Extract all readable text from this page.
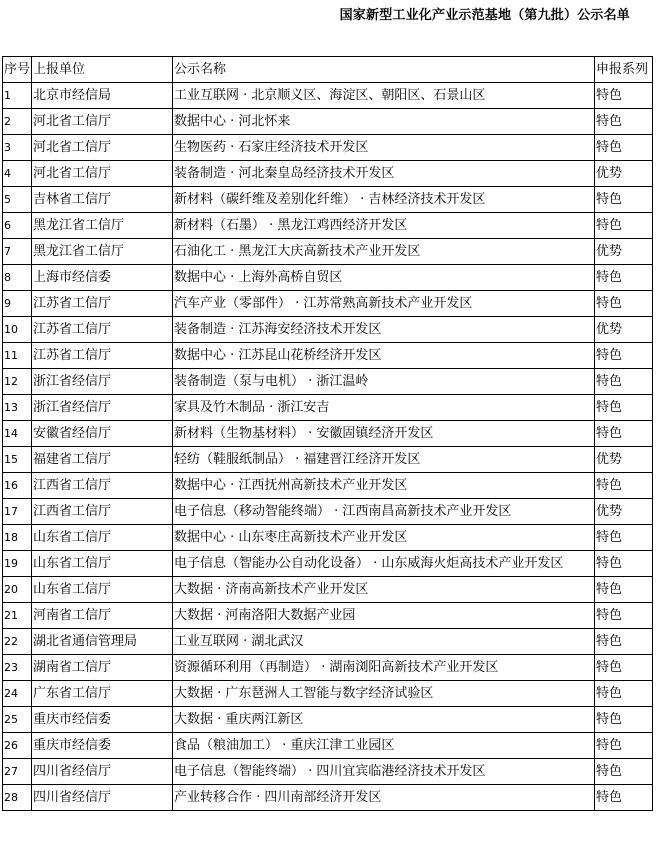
国家新型工业化产业示范基地（第九批）公示名单
序号	上报单位	公示名称	申报系列
1	北京市经信局	工业互联网 · 北京顺义区、海淀区、朝阳区、石景山区	特色
2	河北省工信厅	数据中心 · 河北怀来	特色
3	河北省工信厅	生物医药 · 石家庄经济技术开发区	特色
4	河北省工信厅	装备制造 · 河北秦皇岛经济技术开发区	优势
5	吉林省工信厅	新材料（碳纤维及差别化纤维） · 吉林经济技术开发区	特色
6	黑龙江省工信厅	新材料（石墨） · 黑龙江鸡西经济开发区	特色
7	黑龙江省工信厅	石油化工 · 黑龙江大庆高新技术产业开发区	优势
8	上海市经信委	数据中心 · 上海外高桥自贸区	特色
9	江苏省工信厅	汽车产业（零部件） · 江苏常熟高新技术产业开发区	特色
10	江苏省工信厅	装备制造 · 江苏海安经济技术开发区	优势
11	江苏省工信厅	数据中心 · 江苏昆山花桥经济开发区	特色
12	浙江省经信厅	装备制造（泵与电机） · 浙江温岭	特色
13	浙江省经信厅	家具及竹木制品 · 浙江安吉	特色
14	安徽省经信厅	新材料（生物基材料） · 安徽固镇经济开发区	特色
15	福建省工信厅	轻纺（鞋服纸制品） · 福建晋江经济开发区	优势
16	江西省工信厅	数据中心 · 江西抚州高新技术产业开发区	特色
17	江西省工信厅	电子信息（移动智能终端） · 江西南昌高新技术产业开发区	优势
18	山东省工信厅	数据中心 · 山东枣庄高新技术产业开发区	特色
19	山东省工信厅	电子信息（智能办公自动化设备） · 山东威海火炬高技术产业开发区	特色
20	山东省工信厅	大数据 · 济南高新技术产业开发区	特色
21	河南省工信厅	大数据 · 河南洛阳大数据产业园	特色
22	湖北省通信管理局	工业互联网 · 湖北武汉	特色
23	湖南省工信厅	资源循环利用（再制造） · 湖南浏阳高新技术产业开发区	特色
24	广东省工信厅	大数据 · 广东琶洲人工智能与数字经济试验区	特色
25	重庆市经信委	大数据 · 重庆两江新区	特色
26	重庆市经信委	食品（粮油加工） · 重庆江津工业园区	特色
27	四川省经信厅	电子信息（智能终端） · 四川宜宾临港经济技术开发区	特色
28	四川省经信厅	产业转移合作 · 四川南部经济开发区	特色
